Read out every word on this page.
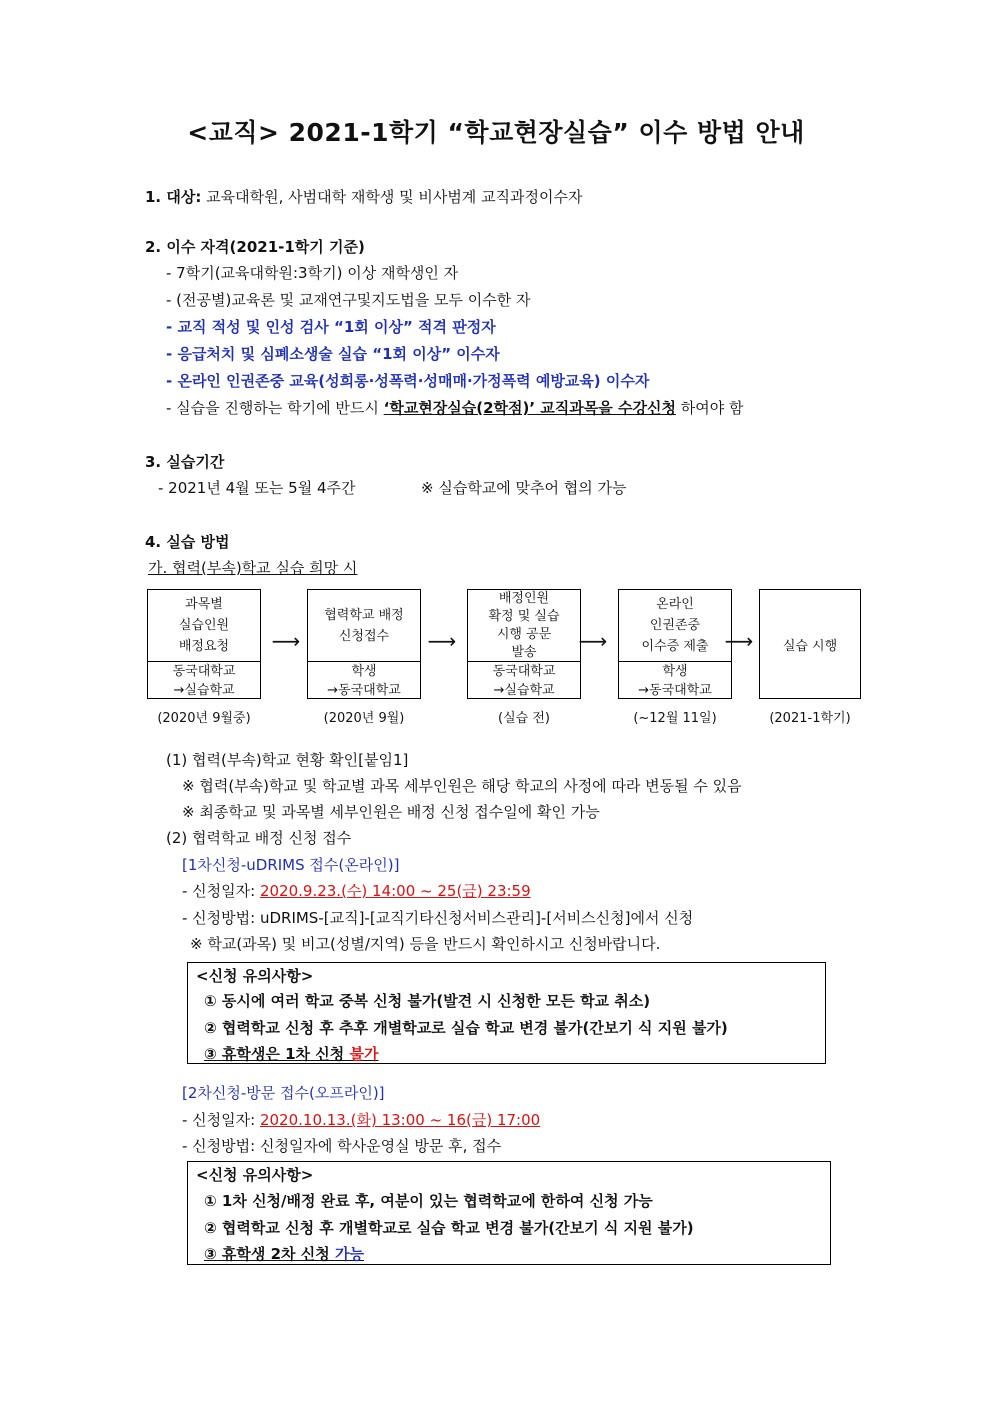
<교직> 2021-1학기 “학교현장실습” 이수 방법 안내
1. 대상: 교육대학원, 사범대학 재학생 및 비사범계 교직과정이수자
2. 이수 자격(2021-1학기 기준)
- 7학기(교육대학원:3학기) 이상 재학생인 자
- (전공별)교육론 및 교재연구및지도법을 모두 이수한 자
- 교직 적성 및 인성 검사 “1회 이상” 적격 판정자
- 응급처치 및 심폐소생술 실습 “1회 이상” 이수자
- 온라인 인권존중 교육(성희롱·성폭력·성매매·가정폭력 예방교육) 이수자
- 실습을 진행하는 학기에 반드시 ‘학교현장실습(2학점)’ 교직과목을 수강신청 하여야 함
3. 실습기간
- 2021년 4월 또는 5월 4주간	※ 실습학교에 맞추어 협의 가능
4. 실습 방법
가. 협력(부속)학교 실습 희망 시
과목별
실습인원
배정요청
동국대학교
→실습학교
⟶
협력학교 배정
신청접수
학생
→동국대학교
⟶
배정인원
확정 및 실습
시행 공문
발송
동국대학교
→실습학교
⟶
온라인
인권존중
이수증 제출
학생
→동국대학교
⟶	실습 시행
(2020년 9월중)	(2020년 9월)	(실습 전)	(~12월 11일)	(2021-1학기)
(1) 협력(부속)학교 현황 확인[붙임1]
※ 협력(부속)학교 및 학교별 과목 세부인원은 해당 학교의 사정에 따라 변동될 수 있음
※ 최종학교 및 과목별 세부인원은 배정 신청 접수일에 확인 가능
(2) 협력학교 배정 신청 접수
[1차신청-uDRIMS 접수(온라인)]
- 신청일자: 2020.9.23.(수) 14:00 ~ 25(금) 23:59
- 신청방법: uDRIMS-[교직]-[교직기타신청서비스관리]-[서비스신청]에서 신청
※ 학교(과목) 및 비고(성별/지역) 등을 반드시 확인하시고 신청바랍니다.
<신청 유의사항>
① 동시에 여러 학교 중복 신청 불가(발견 시 신청한 모든 학교 취소)
② 협력학교 신청 후 추후 개별학교로 실습 학교 변경 불가(간보기 식 지원 불가)
③ 휴학생은 1차 신청 불가
[2차신청-방문 접수(오프라인)]
- 신청일자: 2020.10.13.(화) 13:00 ~ 16(금) 17:00
- 신청방법: 신청일자에 학사운영실 방문 후, 접수
<신청 유의사항>
① 1차 신청/배정 완료 후, 여분이 있는 협력학교에 한하여 신청 가능
② 협력학교 신청 후 개별학교로 실습 학교 변경 불가(간보기 식 지원 불가)
③ 휴학생 2차 신청 가능
